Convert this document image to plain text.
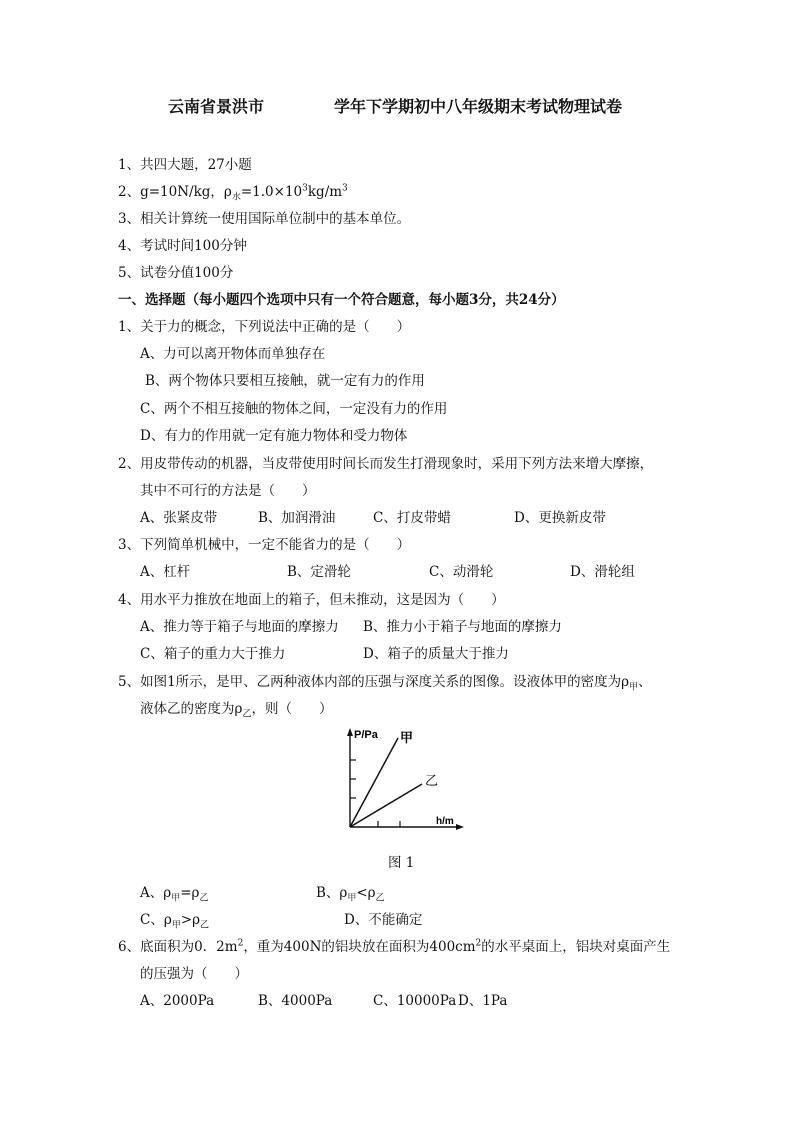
云南省景洪市	学年下学期初中八年级期末考试物理试卷
1、共四大题，27小题
2、g=10N/kg，$\rho_水=1.0\times 10^3kg/m^3$
3、相关计算统一使用国际单位制中的基本单位。
4、考试时间100分钟
5、试卷分值100分
一、选择题（每小题四个选项中只有一个符合题意，每小题3分，共24分）
1、关于力的概念，下列说法中正确的是（　　）
A、力可以离开物体而单独存在
B、两个物体只要相互接触，就一定有力的作用
C、两个不相互接触的物体之间，一定没有力的作用
D、有力的作用就一定有施力物体和受力物体
2、用皮带传动的机器，当皮带使用时间长而发生打滑现象时，采用下列方法来增大摩擦，
其中不可行的方法是（　　）
A、张紧皮带	B、加润滑油	C、打皮带蜡	D、更换新皮带
3、下列简单机械中，一定不能省力的是（　　）
A、杠杆	B、定滑轮	C、动滑轮	D、滑轮组
4、用水平力推放在地面上的箱子，但未推动，这是因为（　　）
A、推力等于箱子与地面的摩擦力 B、推力小于箱子与地面的摩擦力
C、箱子的重力大于推力	D、箱子的质量大于推力
5、如图1所示，是甲、乙两种液体内部的压强与深度关系的图像。设液体甲的密度为$\rho_甲$、
液体乙的密度为$\rho_乙$，则（　　）
P/Pa 甲
乙
h/m
图 1
A、$\rho_甲=\rho_乙$	B、$\rho_甲<\rho_乙$
C、$\rho_甲>\rho_乙$	D、不能确定
6、底面积为0．$2m^2$，重为400N的铝块放在面积为$400cm^2$的水平桌面上，铝块对桌面产生
的压强为（　　）
A、2000Pa	B、4000Pa	C、10000Pa D、1Pa
